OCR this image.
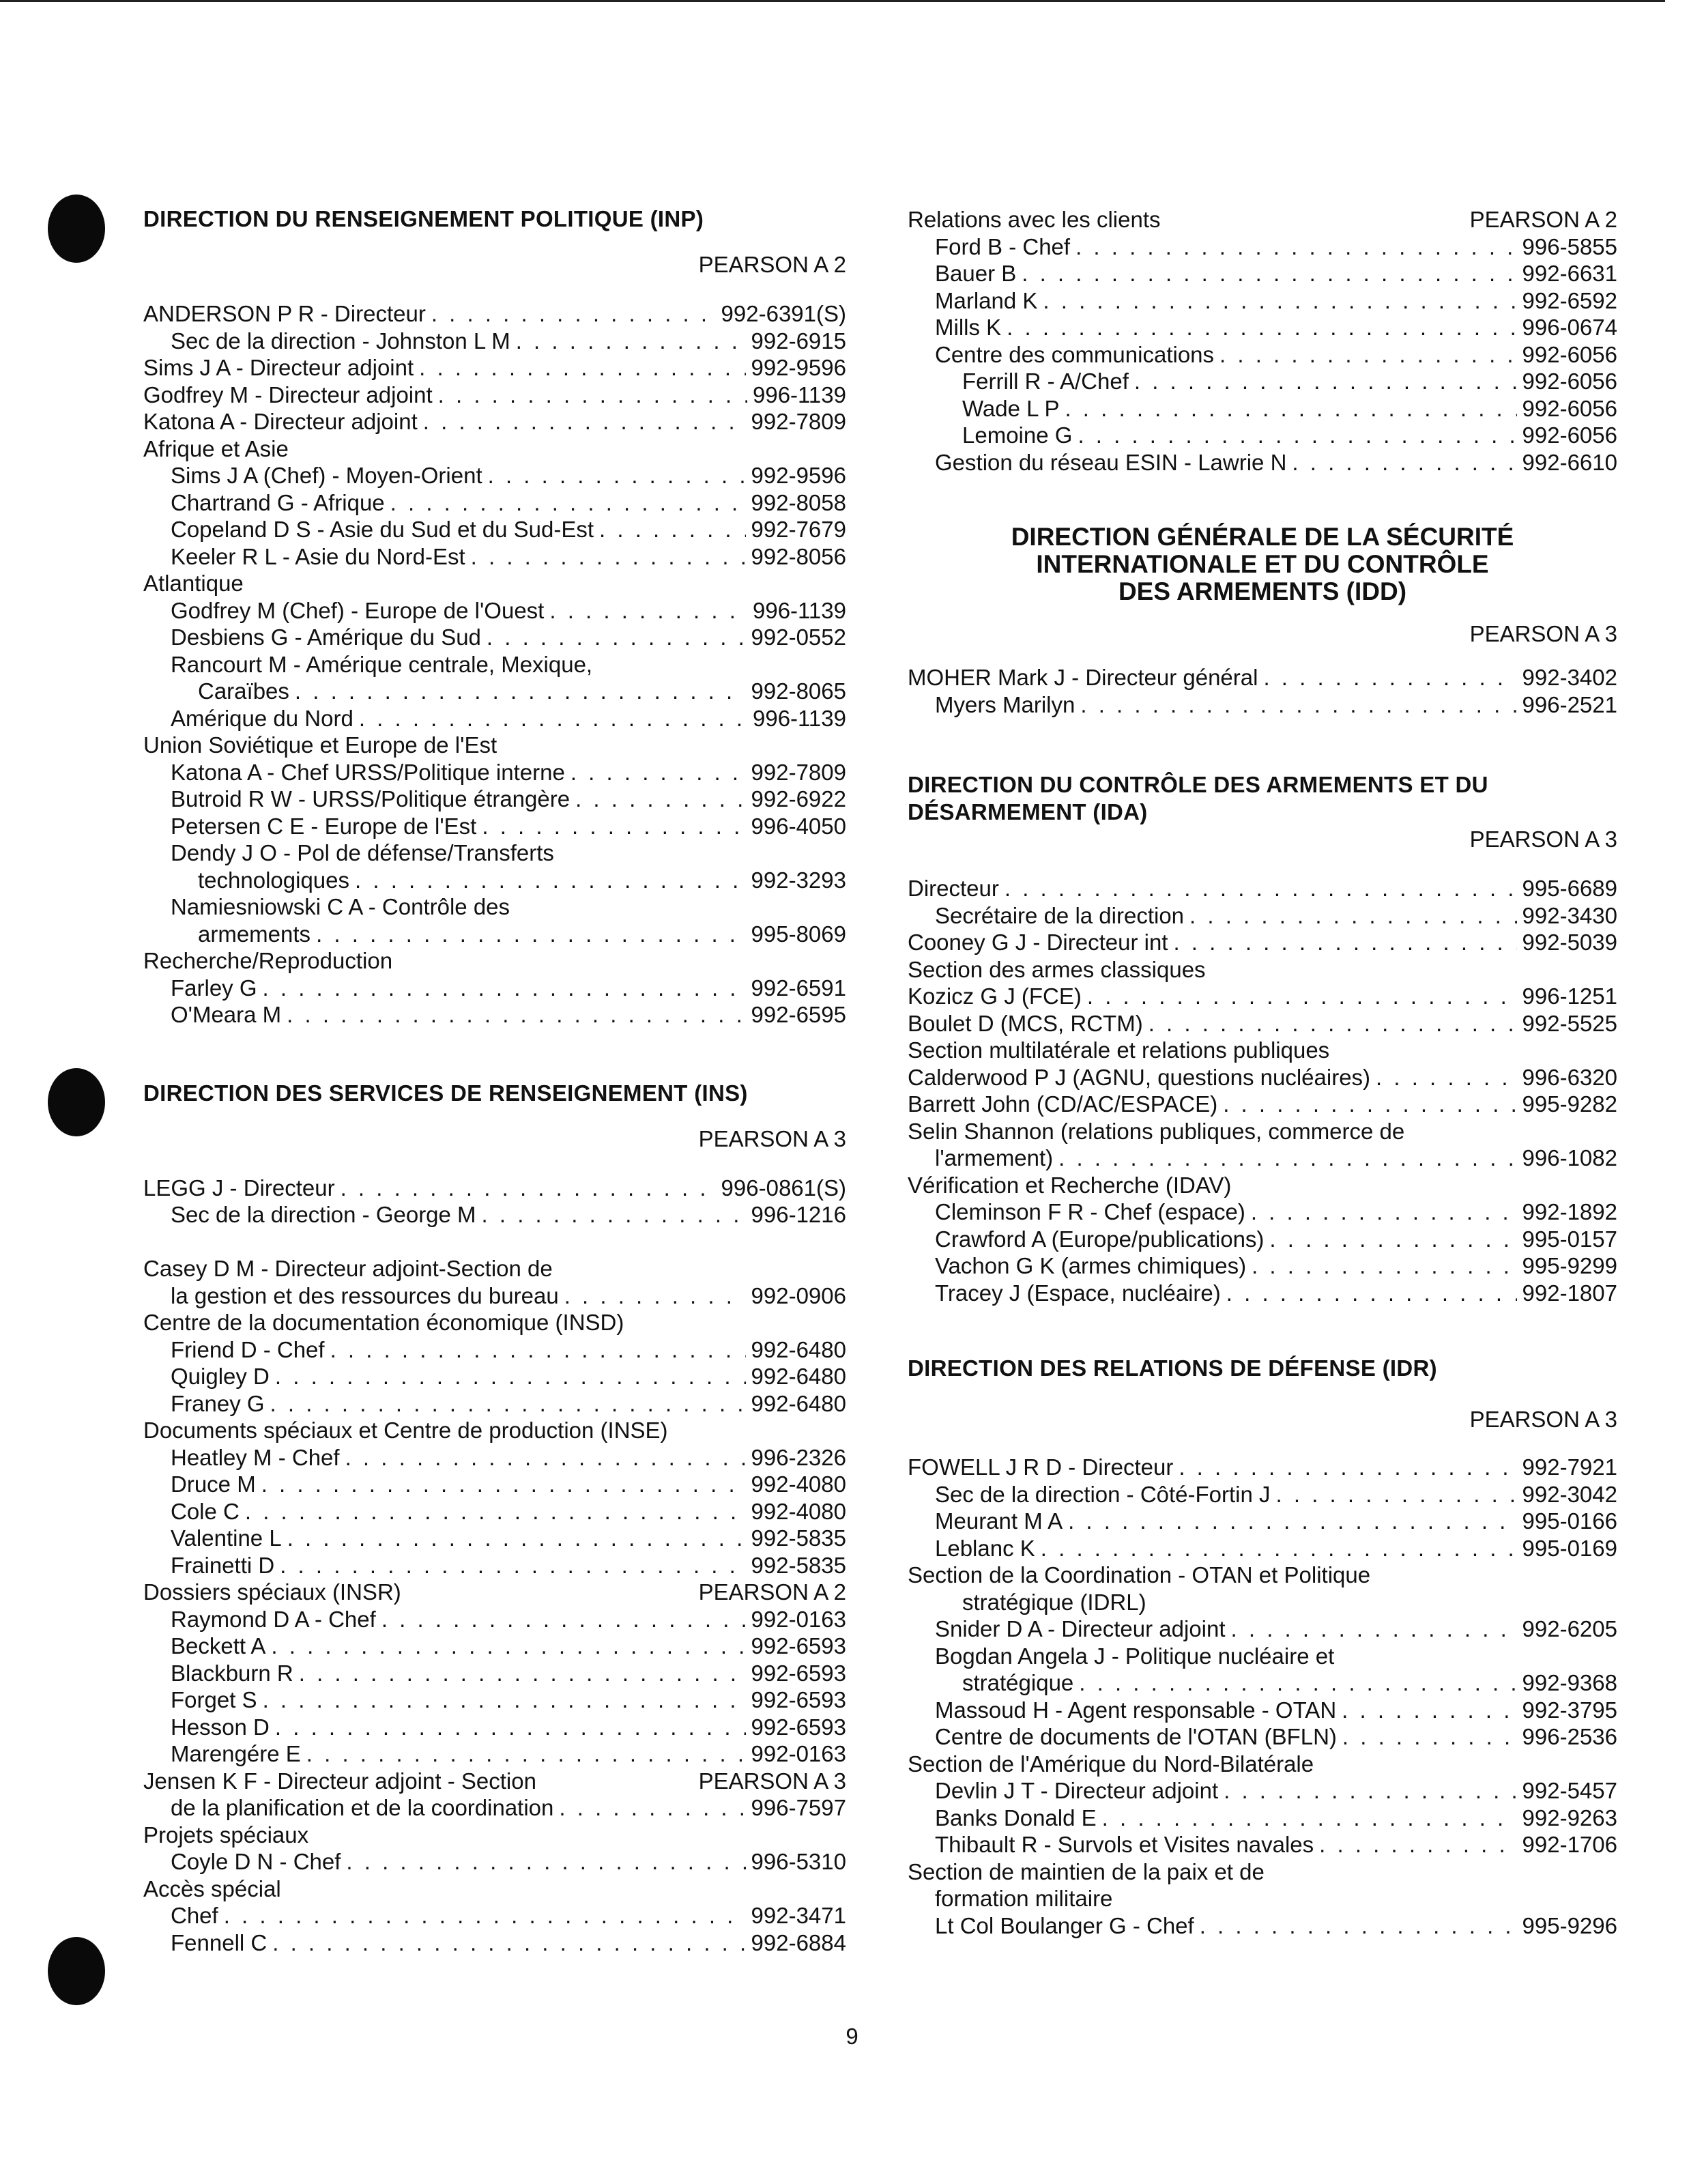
DIRECTION DU RENSEIGNEMENT POLITIQUE (INP)
PEARSON A 2
ANDERSON P R - Directeur . . .	992-6391(S)
Sec de la direction - Johnston L M . . .	992-6915
Sims J A - Directeur adjoint . . .	992-9596
Godfrey M - Directeur adjoint . . .	996-1139
Katona A - Directeur adjoint . . .	992-7809
Afrique et Asie
Sims J A (Chef) - Moyen-Orient . . .	992-9596
Chartrand G - Afrique . . .	992-8058
Copeland D S - Asie du Sud et du Sud-Est . . .	992-7679
Keeler R L - Asie du Nord-Est . . .	992-8056
Atlantique
Godfrey M (Chef) - Europe de l'Ouest . . .	996-1139
Desbiens G - Amérique du Sud . . .	992-0552
Rancourt M - Amérique centrale, Mexique,
Caraïbes . . .	992-8065
Amérique du Nord . . .	996-1139
Union Soviétique et Europe de l'Est
Katona A - Chef URSS/Politique interne . . .	992-7809
Butroid R W - URSS/Politique étrangère . . .	992-6922
Petersen C E - Europe de l'Est . . .	996-4050
Dendy J O - Pol de défense/Transferts
technologiques . . .	992-3293
Namiesniowski C A - Contrôle des
armements . . .	995-8069
Recherche/Reproduction
Farley G . . .	992-6591
O'Meara M . . .	992-6595
DIRECTION DES SERVICES DE RENSEIGNEMENT (INS)
PEARSON A 3
LEGG J - Directeur . . .	996-0861(S)
Sec de la direction - George M . . .	996-1216
Casey D M - Directeur adjoint-Section de
la gestion et des ressources du bureau . . .	992-0906
Centre de la documentation économique (INSD)
Friend D - Chef . . .	992-6480
Quigley D . . .	992-6480
Franey G . . .	992-6480
Documents spéciaux et Centre de production (INSE)
Heatley M - Chef . . .	996-2326
Druce M . . .	992-4080
Cole C . . .	992-4080
Valentine L . . .	992-5835
Frainetti D . . .	992-5835
Dossiers spéciaux (INSR)	PEARSON A 2
Raymond D A - Chef . . .	992-0163
Beckett A . . .	992-6593
Blackburn R . . .	992-6593
Forget S . . .	992-6593
Hesson D . . .	992-6593
Marengére E . . .	992-0163
Jensen K F - Directeur adjoint - Section	PEARSON A 3
de la planification et de la coordination . . .	996-7597
Projets spéciaux
Coyle D N - Chef . . .	996-5310
Accès spécial
Chef . . .	992-3471
Fennell C . . .	992-6884
Relations avec les clients	PEARSON A 2
Ford B - Chef . . .	996-5855
Bauer B . . .	992-6631
Marland K . . .	992-6592
Mills K . . .	996-0674
Centre des communications . . .	992-6056
Ferrill R - A/Chef . . .	992-6056
Wade L P . . .	992-6056
Lemoine G . . .	992-6056
Gestion du réseau ESIN - Lawrie N . . .	992-6610
DIRECTION GÉNÉRALE DE LA SÉCURITÉ
INTERNATIONALE ET DU CONTRÔLE
DES ARMEMENTS (IDD)
PEARSON A 3
MOHER Mark J - Directeur général . . .	992-3402
Myers Marilyn . . .	996-2521
DIRECTION DU CONTRÔLE DES ARMEMENTS ET DU
DÉSARMEMENT (IDA)
PEARSON A 3
Directeur . . .	995-6689
Secrétaire de la direction . . .	992-3430
Cooney G J - Directeur int . . .	992-5039
Section des armes classiques
Kozicz G J (FCE) . . .	996-1251
Boulet D (MCS, RCTM) . . .	992-5525
Section multilatérale et relations publiques
Calderwood P J (AGNU, questions nucléaires) . . .	996-6320
Barrett John (CD/AC/ESPACE) . . .	995-9282
Selin Shannon (relations publiques, commerce de
l'armement) . . .	996-1082
Vérification et Recherche (IDAV)
Cleminson F R - Chef (espace) . . .	992-1892
Crawford A (Europe/publications) . . .	995-0157
Vachon G K (armes chimiques) . . .	995-9299
Tracey J (Espace, nucléaire) . . .	992-1807
DIRECTION DES RELATIONS DE DÉFENSE (IDR)
PEARSON A 3
FOWELL J R D - Directeur . . .	992-7921
Sec de la direction - Côté-Fortin J . . .	992-3042
Meurant M A . . .	995-0166
Leblanc K . . .	995-0169
Section de la Coordination - OTAN et Politique
stratégique (IDRL)
Snider D A - Directeur adjoint . . .	992-6205
Bogdan Angela J - Politique nucléaire et
stratégique . . .	992-9368
Massoud H - Agent responsable - OTAN . . .	992-3795
Centre de documents de l'OTAN (BFLN) . . .	996-2536
Section de l'Amérique du Nord-Bilatérale
Devlin J T - Directeur adjoint . . .	992-5457
Banks Donald E . . .	992-9263
Thibault R - Survols et Visites navales . . .	992-1706
Section de maintien de la paix et de
formation militaire
Lt Col Boulanger G - Chef . . .	995-9296
9
